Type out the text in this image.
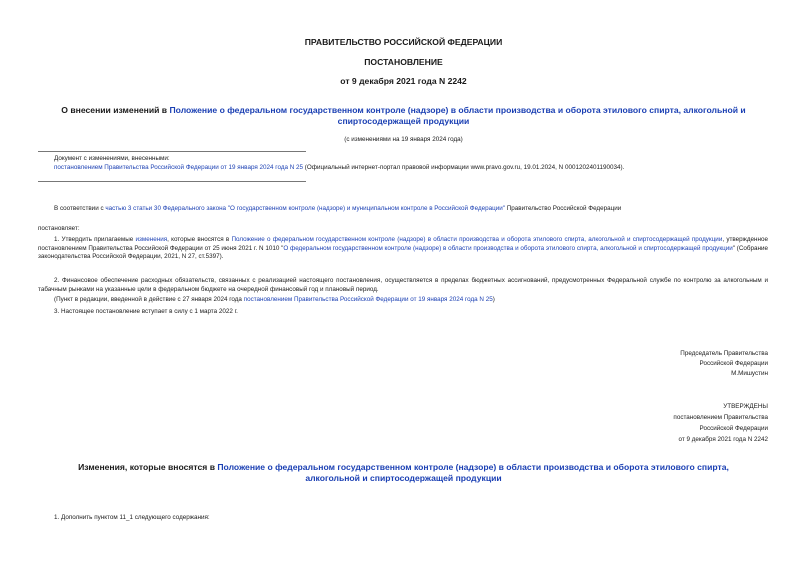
ПРАВИТЕЛЬСТВО РОССИЙСКОЙ ФЕДЕРАЦИИ
ПОСТАНОВЛЕНИЕ
от 9 декабря 2021 года N 2242
О внесении изменений в Положение о федеральном государственном контроле (надзоре) в области производства и оборота этилового спирта, алкогольной и спиртосодержащей продукции
(с изменениями на 19 января 2024 года)
Документ с изменениями, внесенными:
постановлением Правительства Российской Федерации от 19 января 2024 года N 25 (Официальный интернет-портал правовой информации www.pravo.gov.ru, 19.01.2024, N 0001202401190034).
В соответствии с частью 3 статьи 30 Федерального закона "О государственном контроле (надзоре) и муниципальном контроле в Российской Федерации" Правительство Российской Федерации
постановляет:
1. Утвердить прилагаемые изменения, которые вносятся в Положение о федеральном государственном контроле (надзоре) в области производства и оборота этилового спирта, алкогольной и спиртосодержащей продукции, утвержденное постановлением Правительства Российской Федерации от 25 июня 2021 г. N 1010 "О федеральном государственном контроле (надзоре) в области производства и оборота этилового спирта, алкогольной и спиртосодержащей продукции" (Собрание законодательства Российской Федерации, 2021, N 27, ст.5397).
2. Финансовое обеспечение расходных обязательств, связанных с реализацией настоящего постановления, осуществляется в пределах бюджетных ассигнований, предусмотренных Федеральной службе по контролю за алкогольным и табачным рынками на указанные цели в федеральном бюджете на очередной финансовый год и плановый период.
(Пункт в редакции, введенной в действие с 27 января 2024 года постановлением Правительства Российской Федерации от 19 января 2024 года N 25)
3. Настоящее постановление вступает в силу с 1 марта 2022 г.
Председатель Правительства
Российской Федерации
М.Мишустин
УТВЕРЖДЕНЫ
постановлением Правительства
Российской Федерации
от 9 декабря 2021 года N 2242
Изменения, которые вносятся в Положение о федеральном государственном контроле (надзоре) в области производства и оборота этилового спирта, алкогольной и спиртосодержащей продукции
1. Дополнить пунктом 11_1 следующего содержания:
